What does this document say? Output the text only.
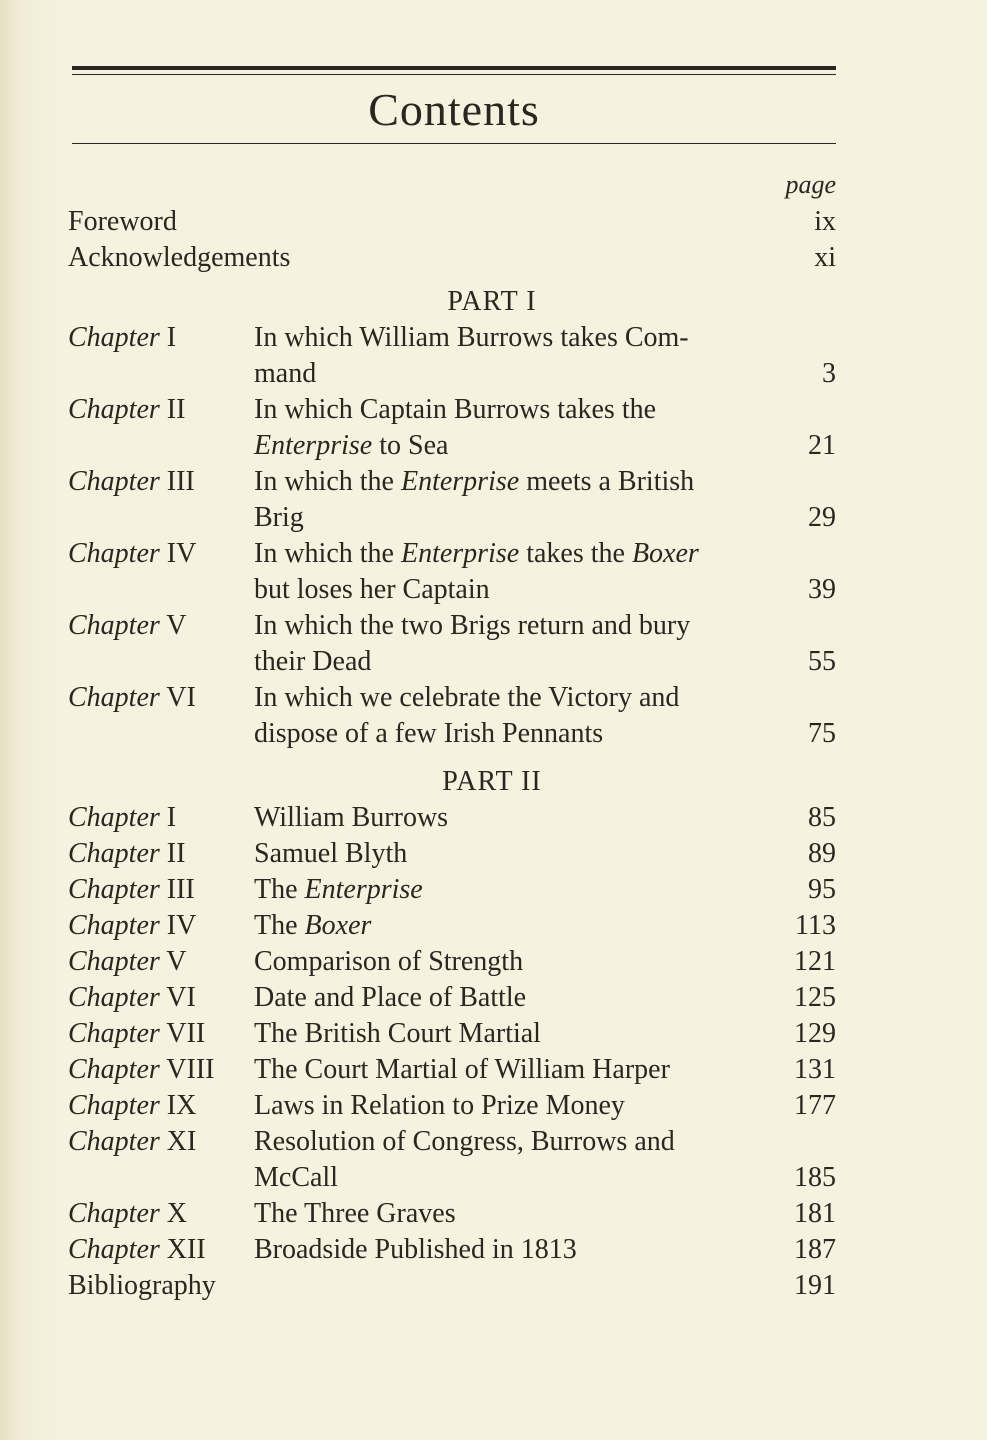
Contents
page
Foreword	ix
Acknowledgements	xi
PART I
Chapter I	In which William Burrows takes Com-
mand	3
Chapter II	In which Captain Burrows takes the
Enterprise to Sea	21
Chapter III	In which the Enterprise meets a British
Brig	29
Chapter IV	In which the Enterprise takes the Boxer
but loses her Captain	39
Chapter V	In which the two Brigs return and bury
their Dead	55
Chapter VI	In which we celebrate the Victory and
dispose of a few Irish Pennants	75
PART II
Chapter I	William Burrows	85
Chapter II	Samuel Blyth	89
Chapter III	The Enterprise	95
Chapter IV	The Boxer	113
Chapter V	Comparison of Strength	121
Chapter VI	Date and Place of Battle	125
Chapter VII	The British Court Martial	129
Chapter VIII	The Court Martial of William Harper	131
Chapter IX	Laws in Relation to Prize Money	177
Chapter XI	Resolution of Congress, Burrows and
McCall	185
Chapter X	The Three Graves	181
Chapter XII	Broadside Published in 1813	187
Bibliography	191
